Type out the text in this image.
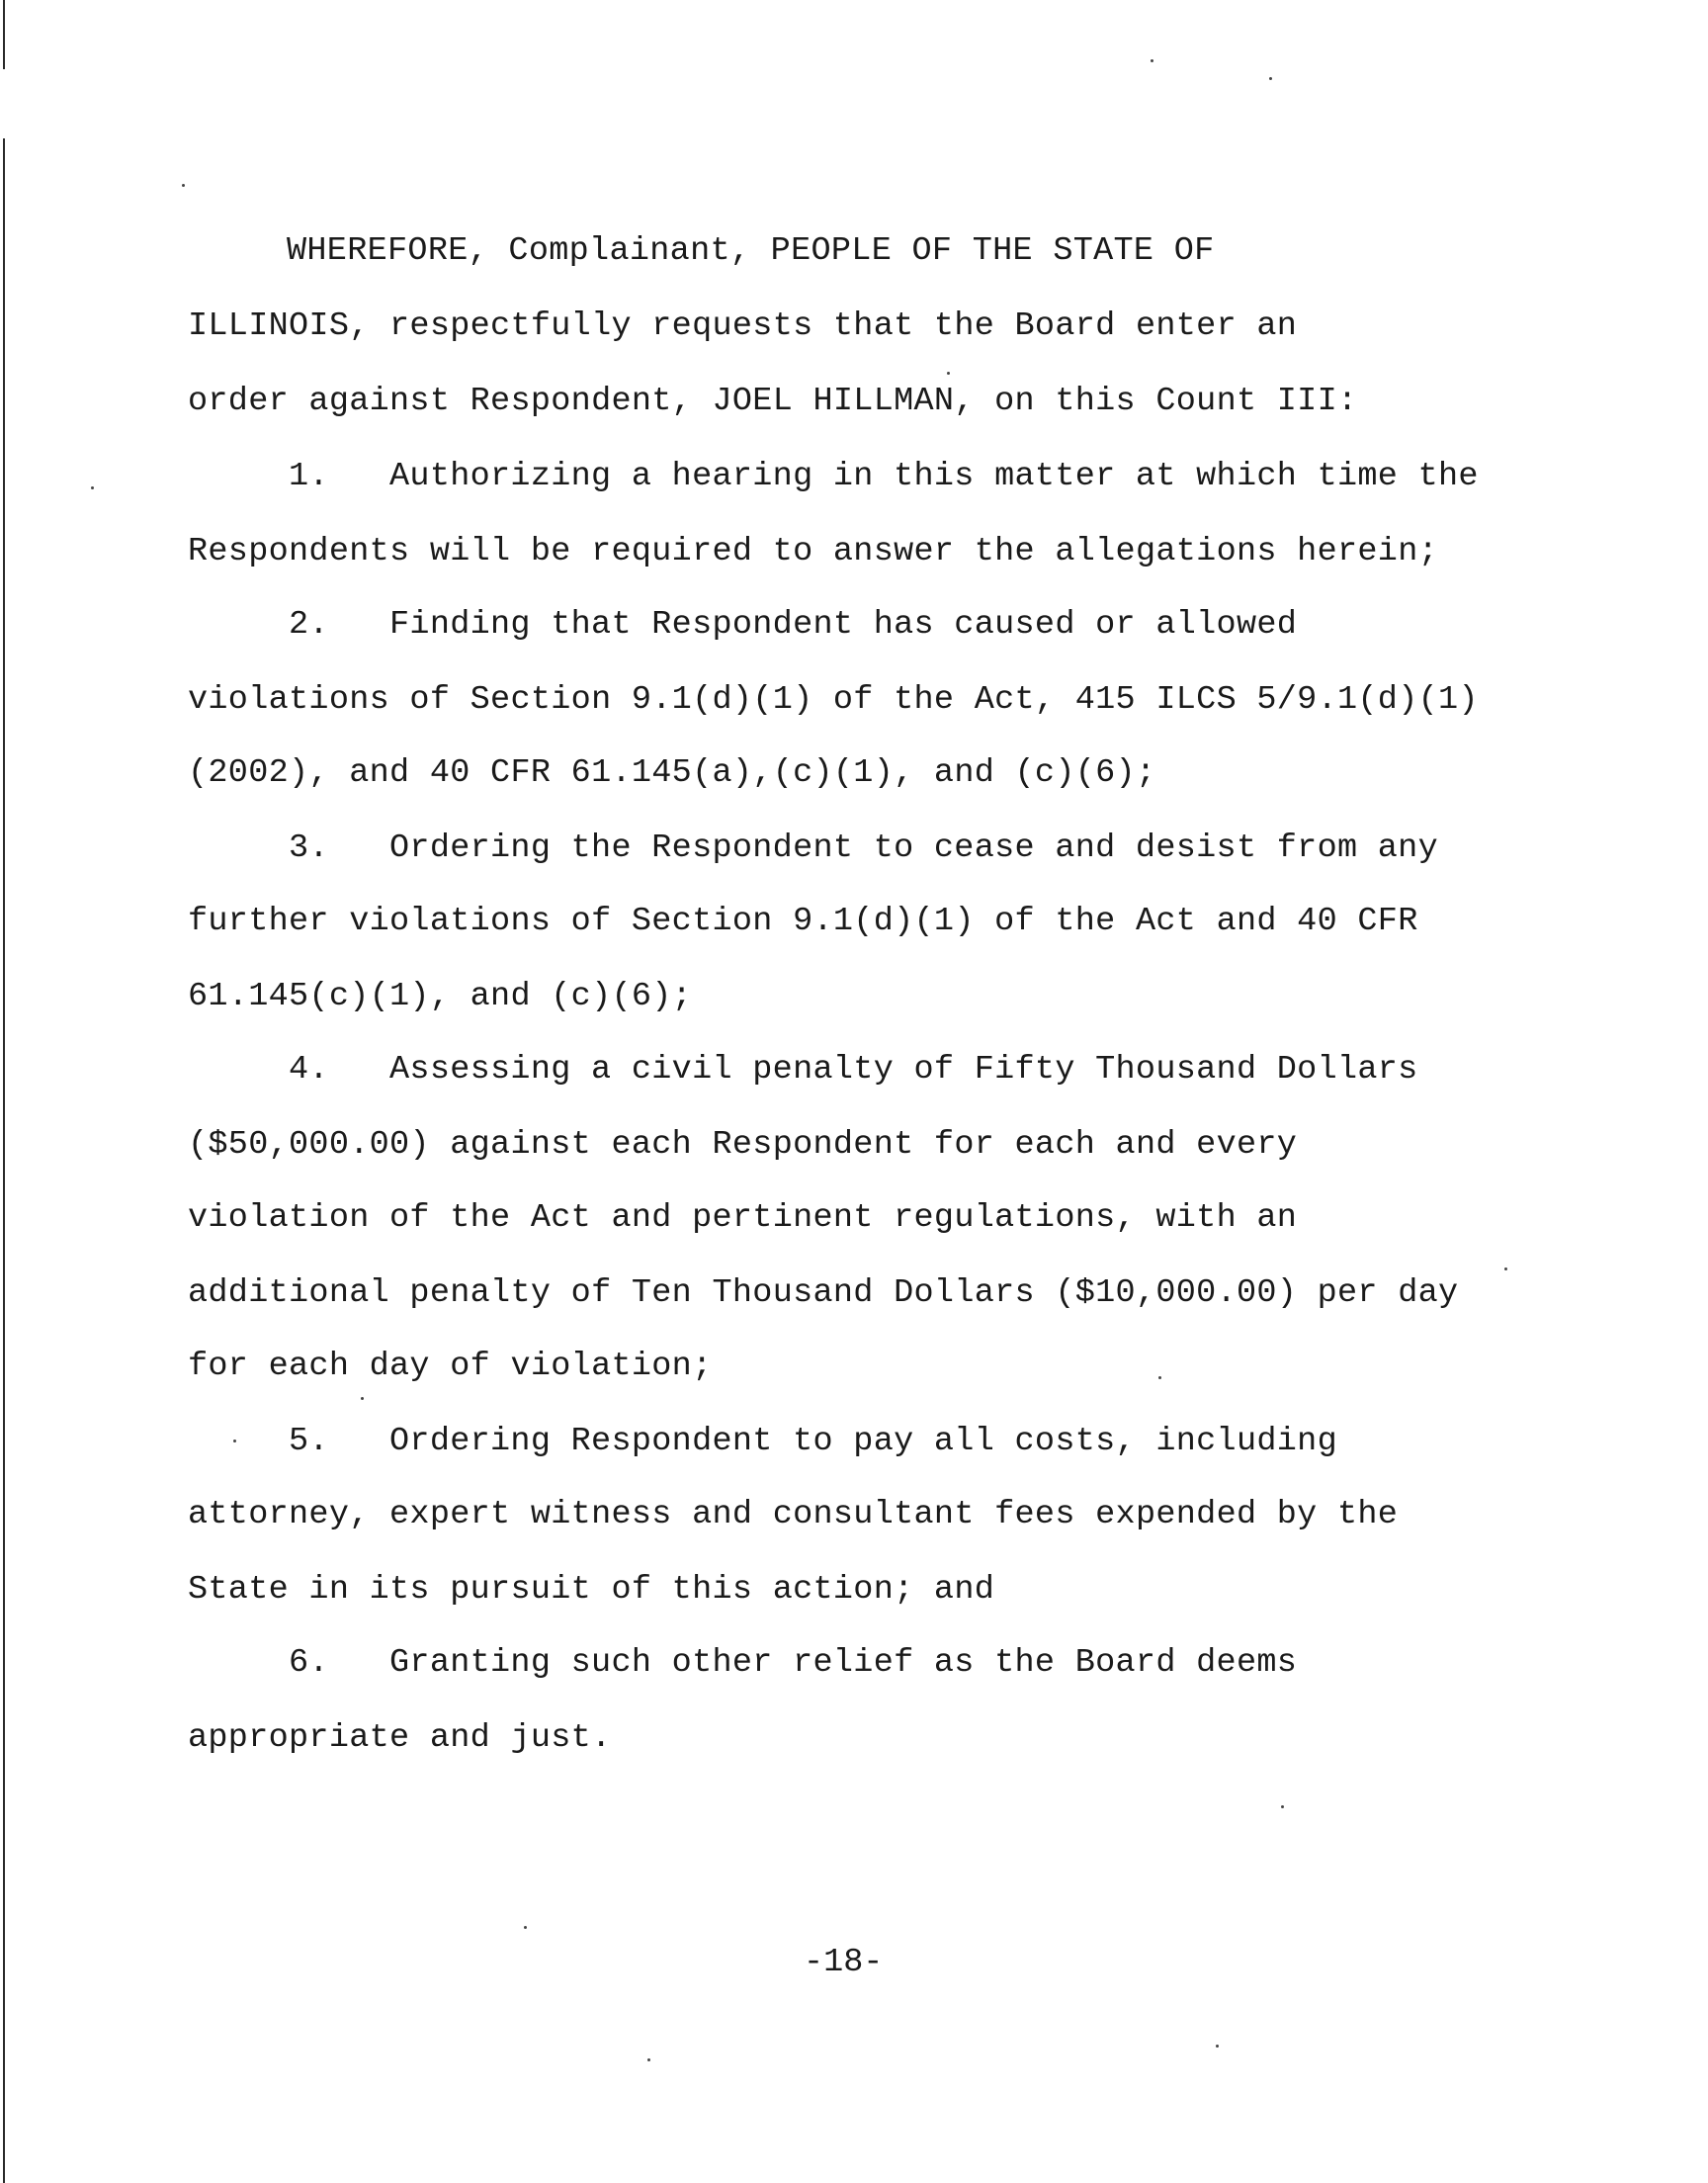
WHEREFORE, Complainant, PEOPLE OF THE STATE OF
ILLINOIS, respectfully requests that the Board enter an
order against Respondent, JOEL HILLMAN, on this Count III:
1.   Authorizing a hearing in this matter at which time the
Respondents will be required to answer the allegations herein;
2.   Finding that Respondent has caused or allowed
violations of Section 9.1(d)(1) of the Act, 415 ILCS 5/9.1(d)(1)
(2002), and 40 CFR 61.145(a),(c)(1), and (c)(6);
3.   Ordering the Respondent to cease and desist from any
further violations of Section 9.1(d)(1) of the Act and 40 CFR
61.145(c)(1), and (c)(6);
4.   Assessing a civil penalty of Fifty Thousand Dollars
($50,000.00) against each Respondent for each and every
violation of the Act and pertinent regulations, with an
additional penalty of Ten Thousand Dollars ($10,000.00) per day
for each day of violation;
5.   Ordering Respondent to pay all costs, including
attorney, expert witness and consultant fees expended by the
State in its pursuit of this action; and
6.   Granting such other relief as the Board deems
appropriate and just.
-18-
